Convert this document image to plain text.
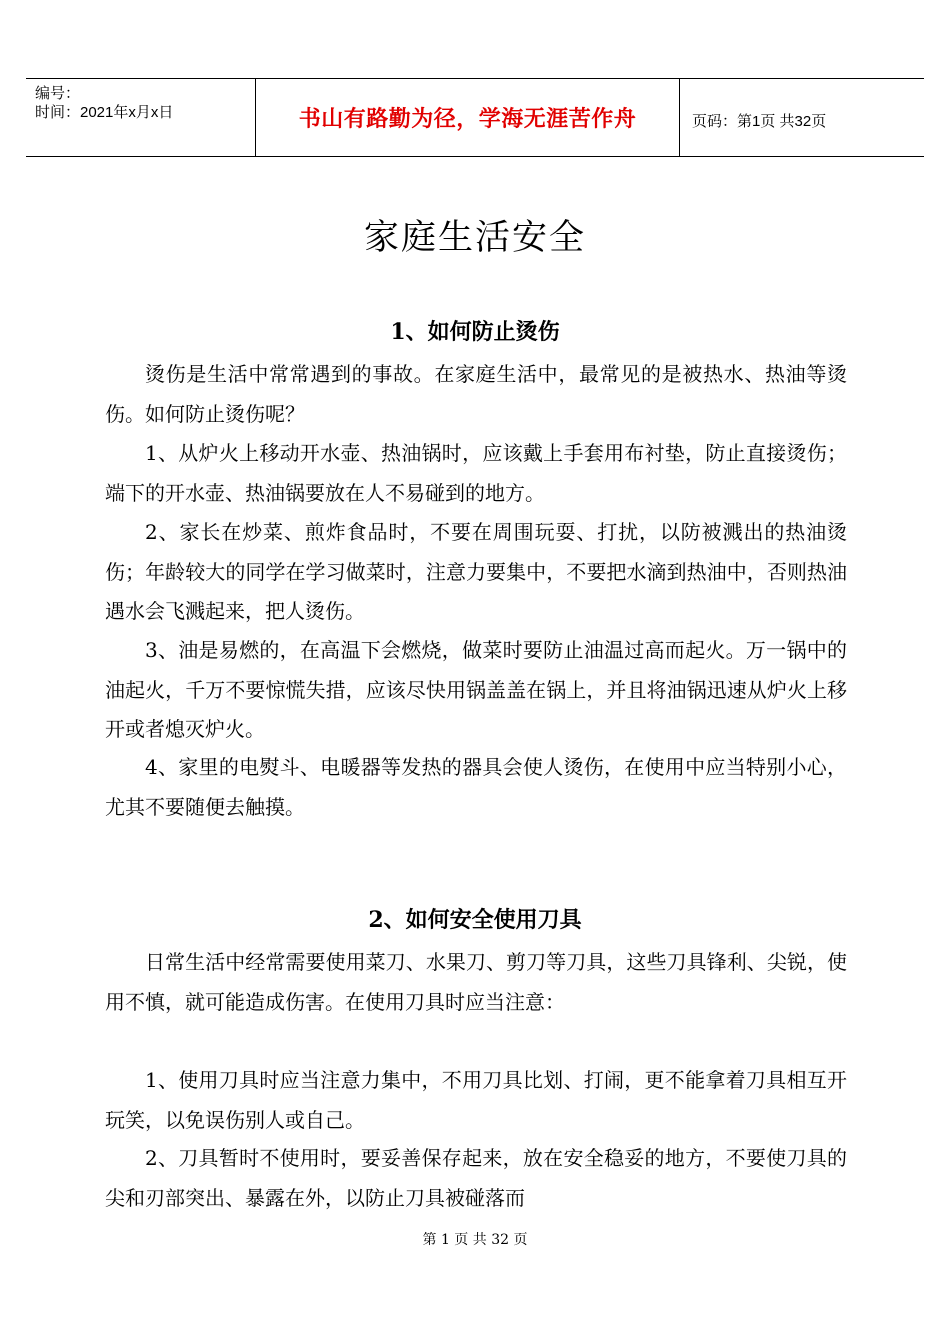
编号：
时间：2021年x月x日	书山有路勤为径，学海无涯苦作舟	页码：第1页 共32页
家庭生活安全
1、如何防止烫伤

烫伤是生活中常常遇到的事故。在家庭生活中，最常见的是被热水、热油等烫伤。如何防止烫伤呢？

1、从炉火上移动开水壶、热油锅时，应该戴上手套用布衬垫，防止直接烫伤；端下的开水壶、热油锅要放在人不易碰到的地方。

2、家长在炒菜、煎炸食品时，不要在周围玩耍、打扰，以防被溅出的热油烫伤；年龄较大的同学在学习做菜时，注意力要集中，不要把水滴到热油中，否则热油遇水会飞溅起来，把人烫伤。

3、油是易燃的，在高温下会燃烧，做菜时要防止油温过高而起火。万一锅中的油起火，千万不要惊慌失措，应该尽快用锅盖盖在锅上，并且将油锅迅速从炉火上移开或者熄灭炉火。

4、家里的电熨斗、电暖器等发热的器具会使人烫伤，在使用中应当特别小心，尤其不要随便去触摸。

2、如何安全使用刀具

日常生活中经常需要使用菜刀、水果刀、剪刀等刀具，这些刀具锋利、尖锐，使用不慎，就可能造成伤害。在使用刀具时应当注意：

1、使用刀具时应当注意力集中，不用刀具比划、打闹，更不能拿着刀具相互开玩笑，以免误伤别人或自己。

2、刀具暂时不使用时，要妥善保存起来，放在安全稳妥的地方，不要使刀具的尖和刃部突出、暴露在外，以防止刀具被碰落而

第 1 页 共 32 页
